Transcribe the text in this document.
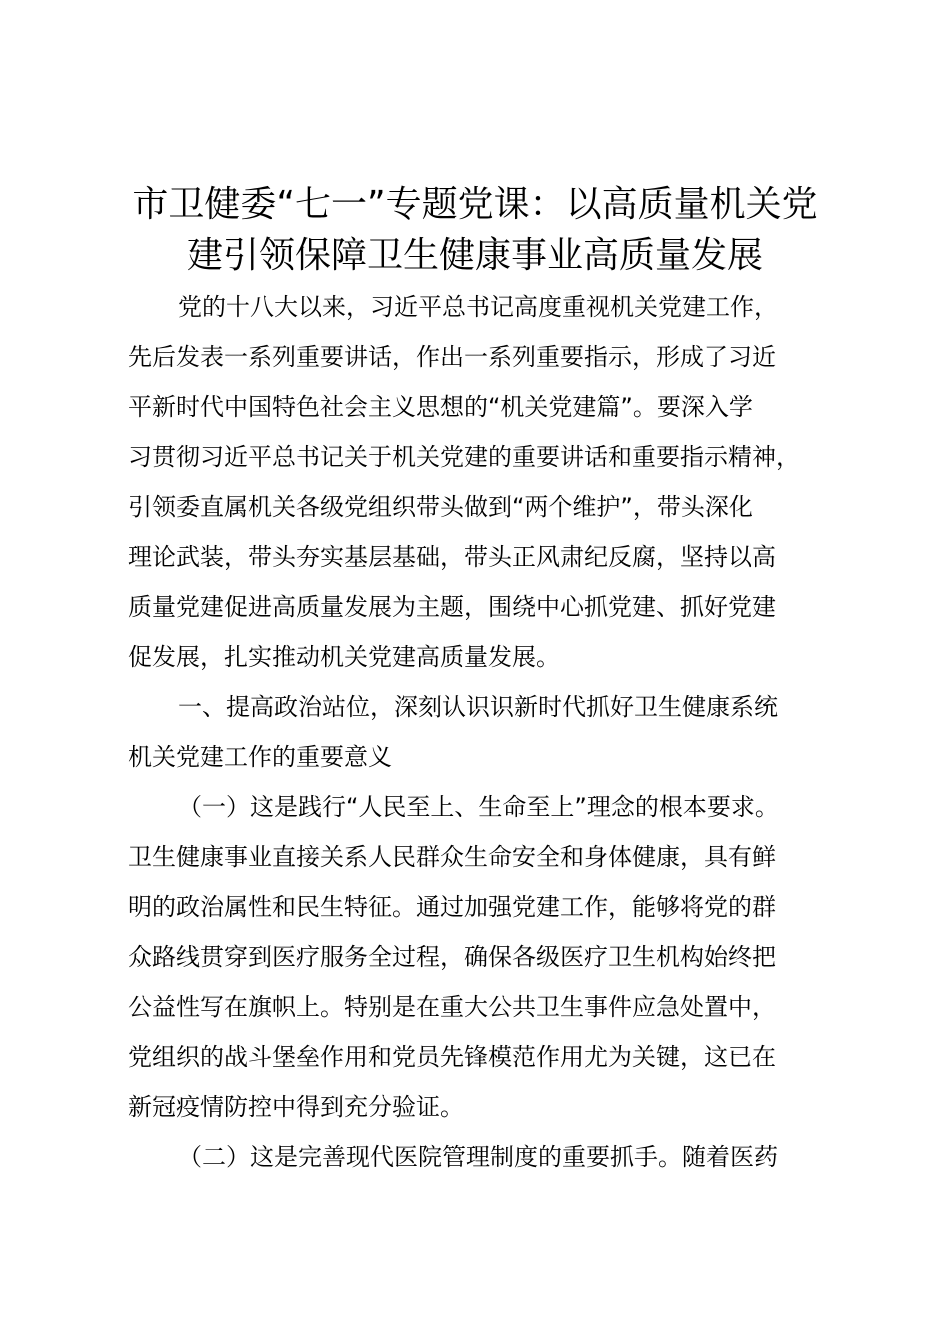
市卫健委“七一”专题党课：以高质量机关党
建引领保障卫生健康事业高质量发展
党的十八大以来，习近平总书记高度重视机关党建工作，
先后发表一系列重要讲话，作出一系列重要指示，形成了习近
平新时代中国特色社会主义思想的“机关党建篇”。要深入学
习贯彻习近平总书记关于机关党建的重要讲话和重要指示精神，
引领委直属机关各级党组织带头做到“两个维护”，带头深化
理论武装，带头夯实基层基础，带头正风肃纪反腐，坚持以高
质量党建促进高质量发展为主题，围绕中心抓党建、抓好党建
促发展，扎实推动机关党建高质量发展。
一、提高政治站位，深刻认识识新时代抓好卫生健康系统
机关党建工作的重要意义
（一）这是践行“人民至上、生命至上”理念的根本要求。
卫生健康事业直接关系人民群众生命安全和身体健康，具有鲜
明的政治属性和民生特征。通过加强党建工作，能够将党的群
众路线贯穿到医疗服务全过程，确保各级医疗卫生机构始终把
公益性写在旗帜上。特别是在重大公共卫生事件应急处置中，
党组织的战斗堡垒作用和党员先锋模范作用尤为关键，这已在
新冠疫情防控中得到充分验证。
（二）这是完善现代医院管理制度的重要抓手。随着医药
